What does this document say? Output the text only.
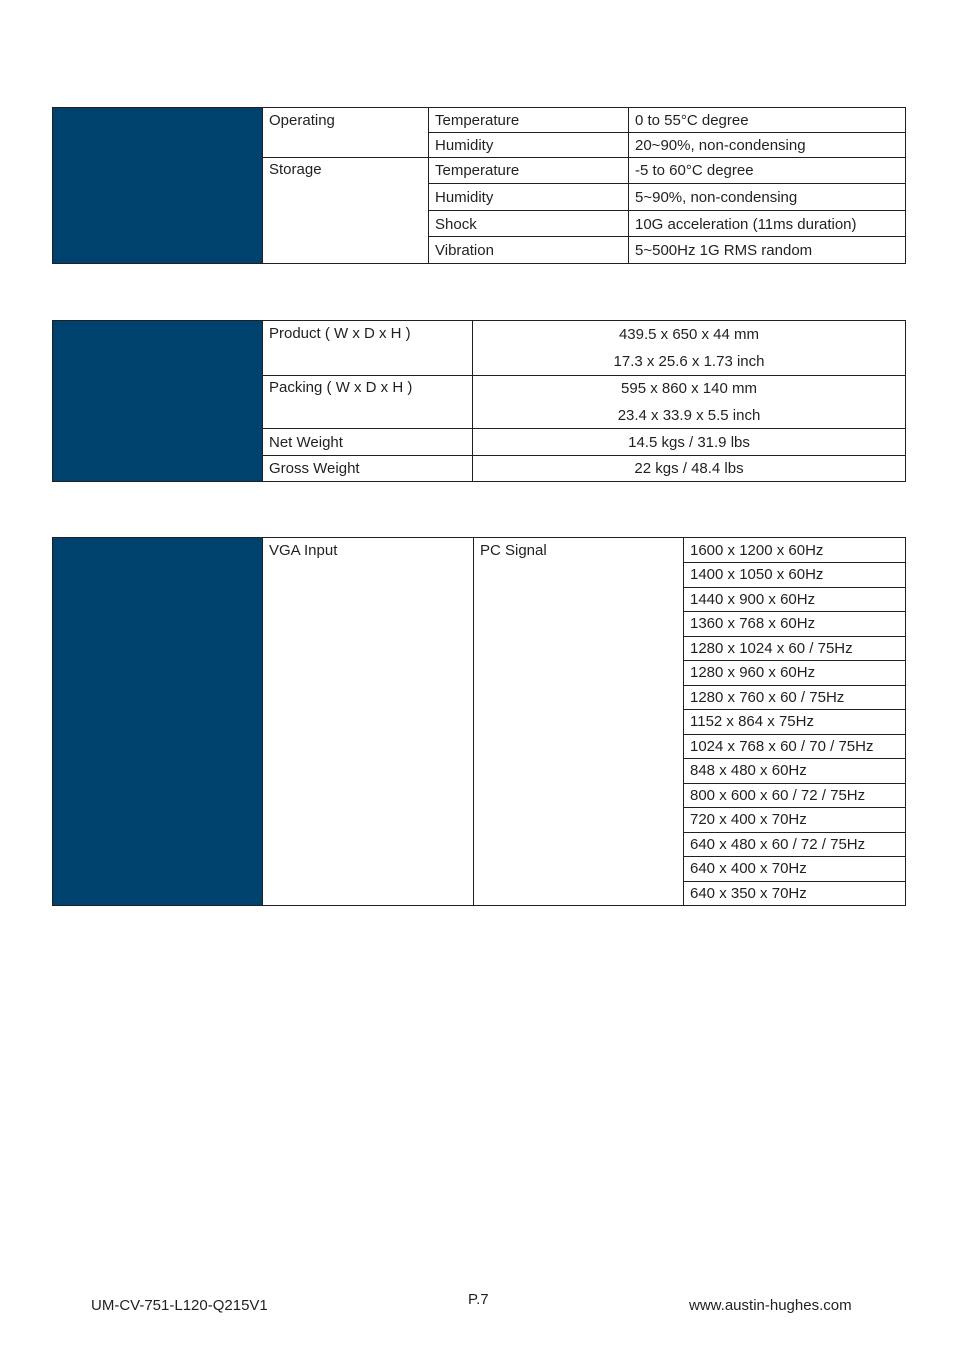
Operating	Temperature	0 to 55°C degree
Humidity	20~90%, non-condensing
Storage	Temperature	-5 to 60°C degree
Humidity	5~90%, non-condensing
Shock	10G acceleration (11ms duration)
Vibration	5~500Hz 1G RMS random
Product ( W x D x H )	439.5 x 650 x 44 mm
17.3 x 25.6 x 1.73 inch
Packing ( W x D x H )	595 x 860 x 140 mm
23.4 x 33.9 x 5.5 inch
Net Weight	14.5 kgs / 31.9 lbs
Gross Weight	22 kgs / 48.4 lbs
VGA Input	PC Signal	1600 x 1200 x 60Hz
1400 x 1050 x 60Hz
1440 x 900 x 60Hz
1360 x 768 x 60Hz
1280 x 1024 x 60 / 75Hz
1280 x 960 x 60Hz
1280 x 760 x 60 / 75Hz
1152 x 864 x 75Hz
1024 x 768 x 60 / 70 / 75Hz
848 x 480 x 60Hz
800 x 600 x 60 / 72 / 75Hz
720 x 400 x 70Hz
640 x 480 x 60 / 72 / 75Hz
640 x 400 x 70Hz
640 x 350 x 70Hz
UM-CV-751-L120-Q215V1	P.7	www.austin-hughes.com
